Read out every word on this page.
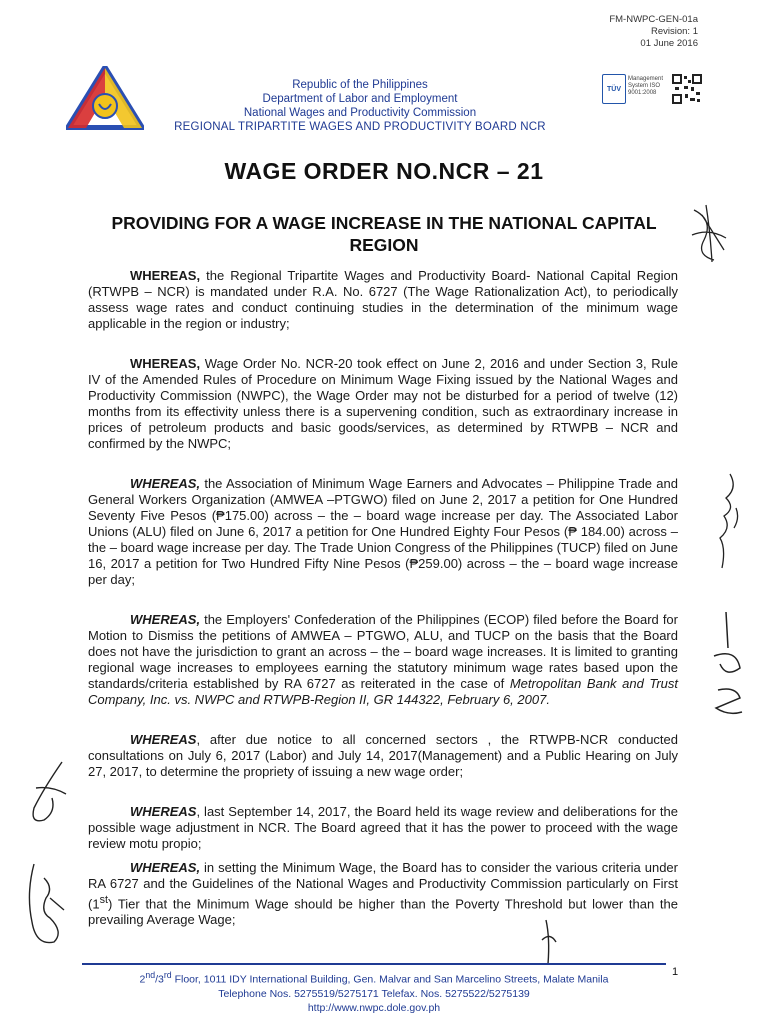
FM-NWPC-GEN-01a
Revision: 1
01 June 2016
Republic of the Philippines
Department of Labor and Employment
National Wages and Productivity Commission
REGIONAL TRIPARTITE WAGES AND PRODUCTIVITY BOARD NCR
TÜV
Management System ISO 9001:2008
WAGE ORDER NO.NCR – 21
PROVIDING FOR A WAGE INCREASE IN THE NATIONAL CAPITAL REGION
WHEREAS, the Regional Tripartite Wages and Productivity Board- National Capital Region (RTWPB – NCR) is mandated under R.A. No. 6727 (The Wage Rationalization Act), to periodically assess wage rates and conduct continuing studies in the determination of the minimum wage applicable in the region or industry;
WHEREAS, Wage Order No. NCR-20 took effect on June 2, 2016 and under Section 3, Rule IV of the Amended Rules of Procedure on Minimum Wage Fixing issued by the National Wages and Productivity Commission (NWPC), the Wage Order may not be disturbed for a period of twelve (12) months from its effectivity unless there is a supervening condition, such as extraordinary increase in prices of petroleum products and basic goods/services, as determined by RTWPB – NCR and confirmed by the NWPC;
WHEREAS, the Association of Minimum Wage Earners and Advocates – Philippine Trade and General Workers Organization (AMWEA –PTGWO) filed on June 2, 2017 a petition for One Hundred Seventy Five Pesos (₱175.00) across – the – board wage increase per day. The Associated Labor Unions (ALU) filed on June 6, 2017 a petition for One Hundred Eighty Four Pesos (₱ 184.00) across – the – board wage increase per day. The Trade Union Congress of the Philippines (TUCP) filed on June 16, 2017 a petition for Two Hundred Fifty Nine Pesos (₱259.00) across – the – board wage increase per day;
WHEREAS, the Employers' Confederation of the Philippines (ECOP) filed before the Board for Motion to Dismiss the petitions of AMWEA – PTGWO, ALU, and TUCP on the basis that the Board does not have the jurisdiction to grant an across – the – board wage increases. It is limited to granting regional wage increases to employees earning the statutory minimum wage rates based upon the standards/criteria established by RA 6727 as reiterated in the case of Metropolitan Bank and Trust Company, Inc. vs. NWPC and RTWPB-Region II, GR 144322, February 6, 2007.
WHEREAS, after due notice to all concerned sectors , the RTWPB-NCR conducted consultations on July 6, 2017 (Labor) and July 14, 2017(Management) and a Public Hearing on July 27, 2017, to determine the propriety of issuing a new wage order;
WHEREAS, last September 14, 2017, the Board held its wage review and deliberations for the possible wage adjustment in NCR. The Board agreed that it has the power to proceed with the wage review motu propio;
WHEREAS, in setting the Minimum Wage, the Board has to consider the various criteria under RA 6727 and the Guidelines of the National Wages and Productivity Commission particularly on First (1st) Tier that the Minimum Wage should be higher than the Poverty Threshold but lower than the prevailing Average Wage;
2nd/3rd Floor, 1011 IDY International Building, Gen. Malvar and San Marcelino Streets, Malate Manila
Telephone Nos. 5275519/5275171 Telefax. Nos. 5275522/5275139
http://www.nwpc.dole.gov.ph
1
